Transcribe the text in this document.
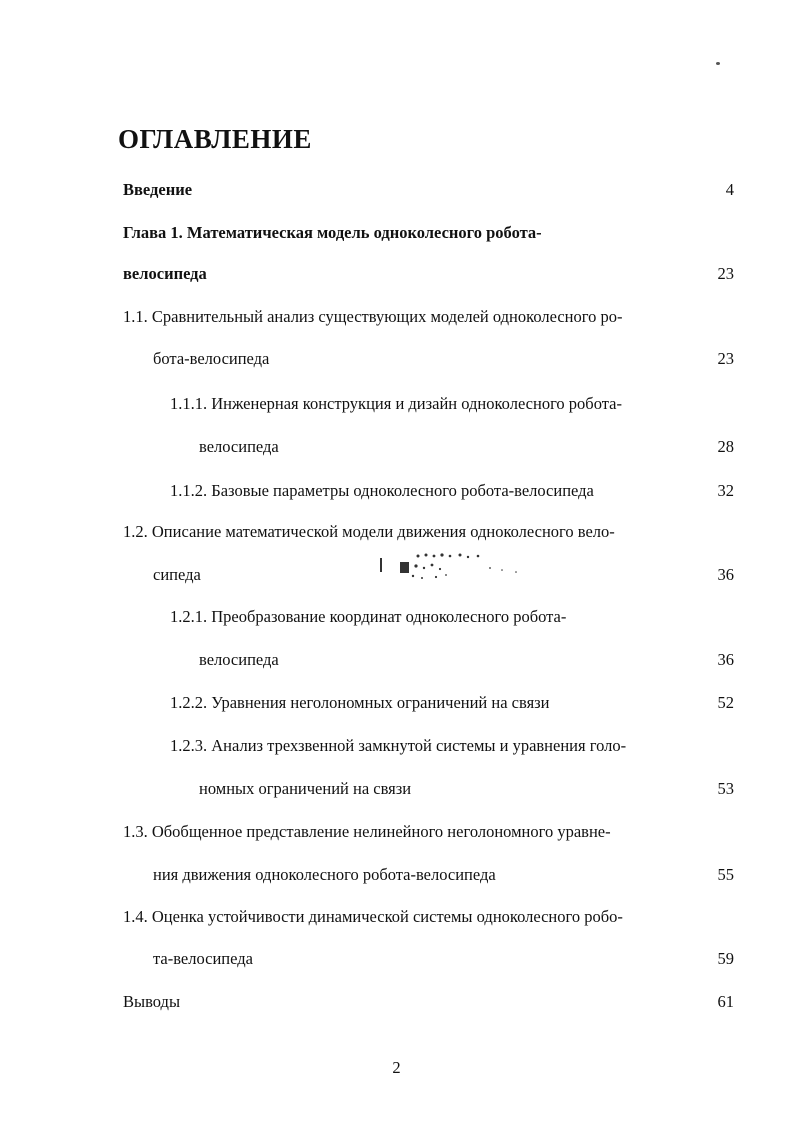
ОГЛАВЛЕНИЕ
Введение	4
Глава 1. Математическая модель одноколесного робота-
велосипеда	23
1.1. Сравнительный анализ существующих моделей одноколесного ро-
бота-велосипеда	23
1.1.1. Инженерная конструкция и дизайн одноколесного робота-
велосипеда	28
1.1.2. Базовые параметры одноколесного робота-велосипеда	32
1.2. Описание математической модели движения одноколесного вело-
сипеда	36
1.2.1. Преобразование координат одноколесного робота-
велосипеда	36
1.2.2. Уравнения неголономных ограничений на связи	52
1.2.3. Анализ трехзвенной замкнутой системы и уравнения голо-
номных ограничений на связи	53
1.3. Обобщенное представление нелинейного неголономного уравне-
ния движения одноколесного робота-велосипеда	55
1.4. Оценка устойчивости динамической системы одноколесного робо-
та-велосипеда	59
Выводы	61
2
